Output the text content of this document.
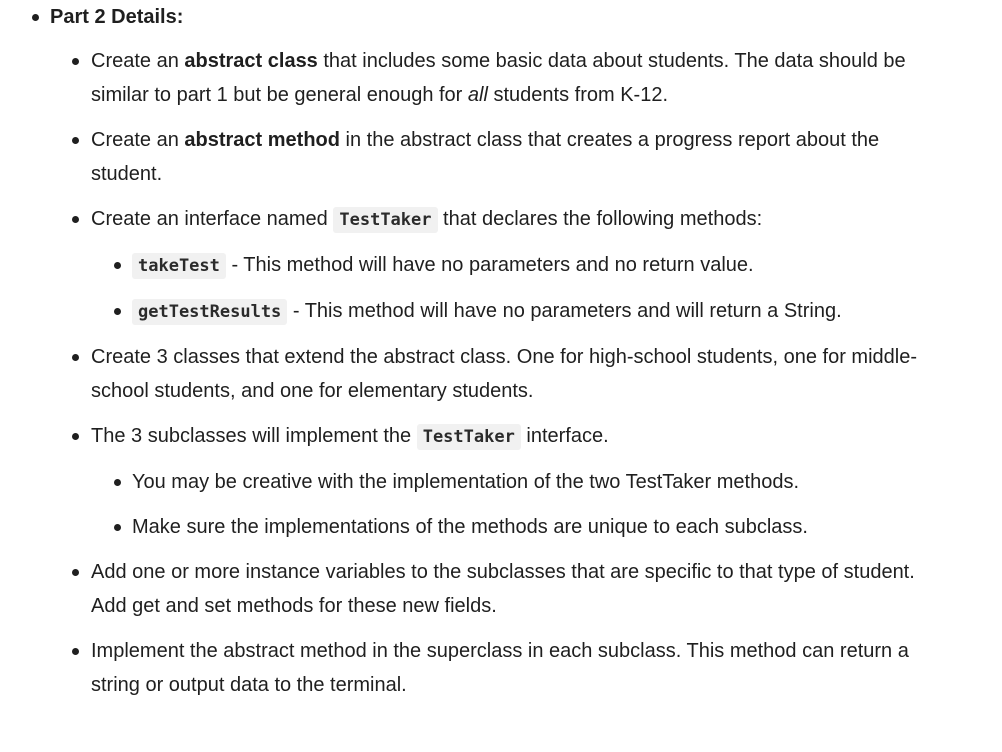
Part 2 Details:
Create an abstract class that includes some basic data about students. The data should be similar to part 1 but be general enough for all students from K-12.
Create an abstract method in the abstract class that creates a progress report about the student.
Create an interface named TestTaker that declares the following methods:
takeTest - This method will have no parameters and no return value.
getTestResults - This method will have no parameters and will return a String.
Create 3 classes that extend the abstract class. One for high-school students, one for middle-school students, and one for elementary students.
The 3 subclasses will implement the TestTaker interface.
You may be creative with the implementation of the two TestTaker methods.
Make sure the implementations of the methods are unique to each subclass.
Add one or more instance variables to the subclasses that are specific to that type of student. Add get and set methods for these new fields.
Implement the abstract method in the superclass in each subclass. This method can return a string or output data to the terminal.
